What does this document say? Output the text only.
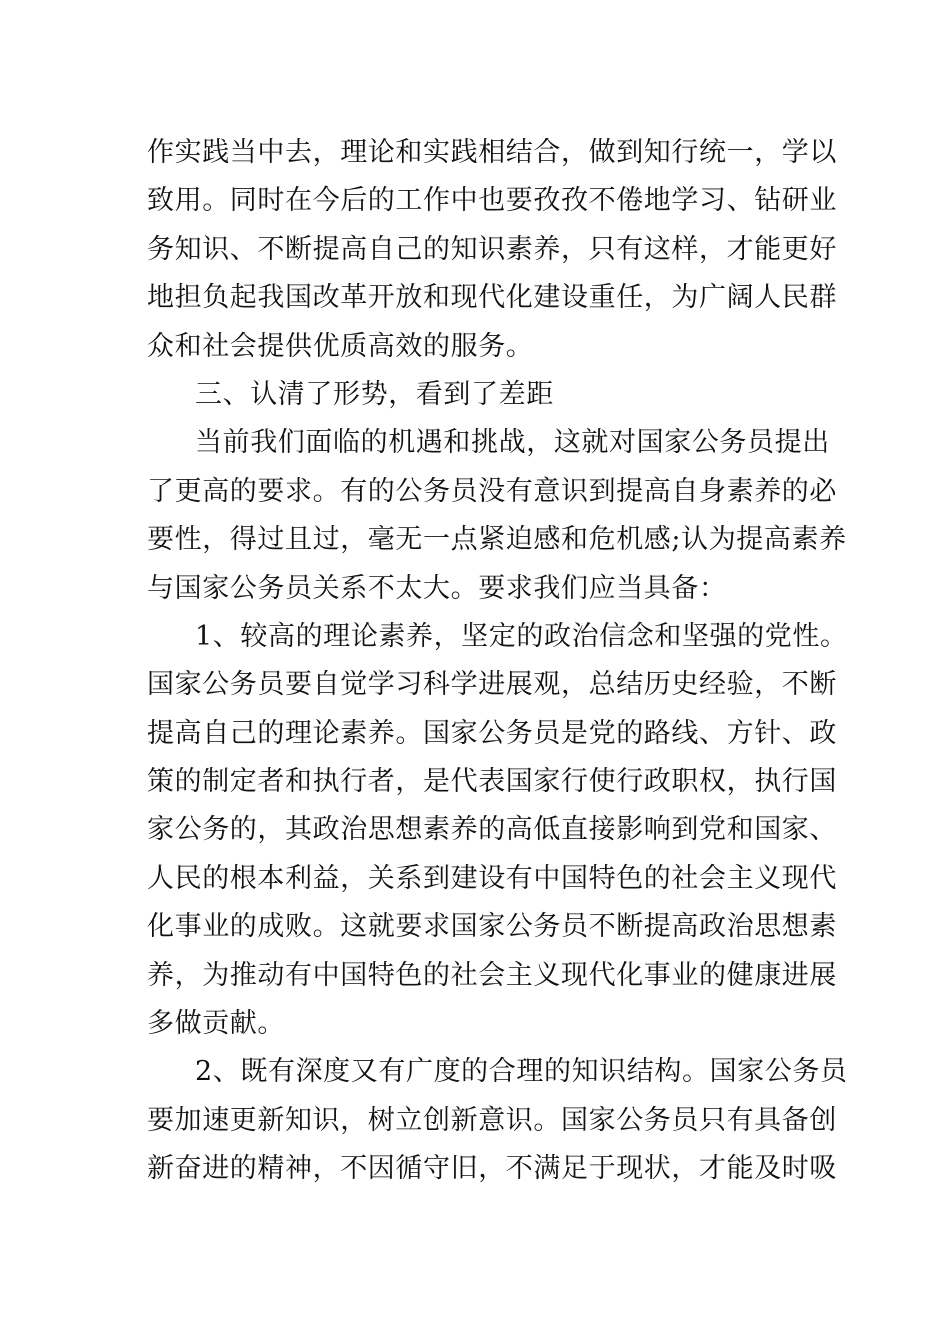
作实践当中去，理论和实践相结合，做到知行统一，学以
致用。同时在今后的工作中也要孜孜不倦地学习、钻研业
务知识、不断提高自己的知识素养，只有这样，才能更好
地担负起我国改革开放和现代化建设重任，为广阔人民群
众和社会提供优质高效的服务。
三、认清了形势，看到了差距
当前我们面临的机遇和挑战，这就对国家公务员提出
了更高的要求。有的公务员没有意识到提高自身素养的必
要性，得过且过，毫无一点紧迫感和危机感;认为提高素养
与国家公务员关系不太大。要求我们应当具备：
1、较高的理论素养，坚定的政治信念和坚强的党性。
国家公务员要自觉学习科学进展观，总结历史经验，不断
提高自己的理论素养。国家公务员是党的路线、方针、政
策的制定者和执行者，是代表国家行使行政职权，执行国
家公务的，其政治思想素养的高低直接影响到党和国家、
人民的根本利益，关系到建设有中国特色的社会主义现代
化事业的成败。这就要求国家公务员不断提高政治思想素
养，为推动有中国特色的社会主义现代化事业的健康进展
多做贡献。
2、既有深度又有广度的合理的知识结构。国家公务员
要加速更新知识，树立创新意识。国家公务员只有具备创
新奋进的精神，不因循守旧，不满足于现状，才能及时吸
